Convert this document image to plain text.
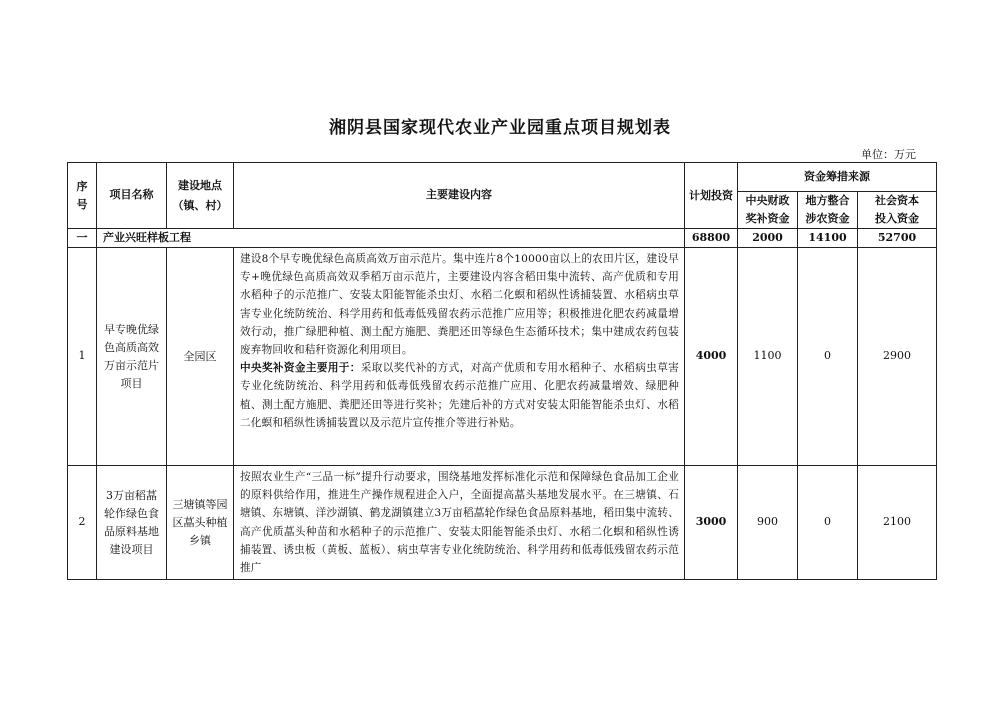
湘阴县国家现代农业产业园重点项目规划表
单位：万元
序号	项目名称	建设地点（镇、村）	主要建设内容	计划投资	资金筹措来源		
					中央财政奖补资金	地方整合涉农资金	社会资本投入资金
一	产业兴旺样板工程			68800	2000	14100	52700
1	早专晚优绿色高质高效万亩示范片项目	全园区	建设8个早专晚优绿色高质高效万亩示范片。集中连片8个10000亩以上的农田片区，建设早专+晚优绿色高质高效双季稻万亩示范片，主要建设内容含稻田集中流转、高产优质和专用水稻种子的示范推广、安装太阳能智能杀虫灯、水稻二化螟和稻纵性诱捕装置、水稻病虫草害专业化统防统治、科学用药和低毒低残留农药示范推广应用等；积极推进化肥农药减量增效行动，推广绿肥种植、测土配方施肥、粪肥还田等绿色生态循环技术；集中建成农药包装废弃物回收和秸秆资源化利用项目。
中央奖补资金主要用于：采取以奖代补的方式，对高产优质和专用水稻种子、水稻病虫草害专业化统防统治、科学用药和低毒低残留农药示范推广应用、化肥农药减量增效、绿肥种植、测土配方施肥、粪肥还田等进行奖补；先建后补的方式对安装太阳能智能杀虫灯、水稻二化螟和稻纵性诱捕装置以及示范片宣传推介等进行补贴。	4000	1100	0	2900
2	3万亩稻蕌轮作绿色食品原料基地建设项目	三塘镇等园区蕌头种植乡镇	按照农业生产“三品一标”提升行动要求，围绕基地发挥标准化示范和保障绿色食品加工企业的原料供给作用，推进生产操作规程进企入户，全面提高蕌头基地发展水平。在三塘镇、石塘镇、东塘镇、洋沙湖镇、鹤龙湖镇建立3万亩稻蕌轮作绿色食品原料基地，稻田集中流转、高产优质蕌头种苗和水稻种子的示范推广、安装太阳能智能杀虫灯、水稻二化螟和稻纵性诱捕装置、诱虫板（黄板、蓝板）、病虫草害专业化统防统治、科学用药和低毒低残留农药示范推广	3000	900	0	2100
